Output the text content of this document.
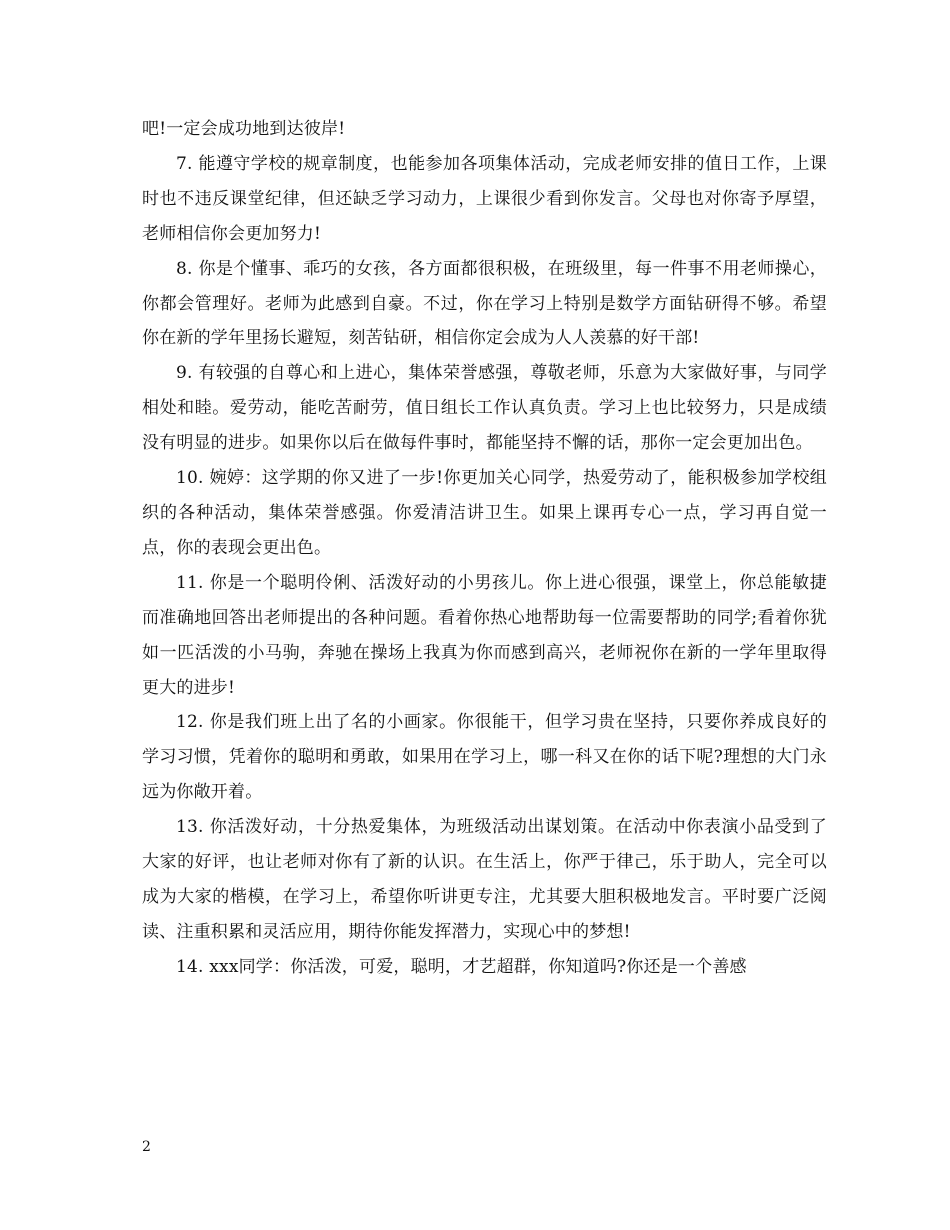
吧!一定会成功地到达彼岸!

7. 能遵守学校的规章制度，也能参加各项集体活动，完成老师安排的值日工作，上课时也不违反课堂纪律，但还缺乏学习动力，上课很少看到你发言。父母也对你寄予厚望，老师相信你会更加努力!

8. 你是个懂事、乖巧的女孩，各方面都很积极，在班级里，每一件事不用老师操心，你都会管理好。老师为此感到自豪。不过，你在学习上特别是数学方面钻研得不够。希望你在新的学年里扬长避短，刻苦钻研，相信你定会成为人人羡慕的好干部!

9. 有较强的自尊心和上进心，集体荣誉感强，尊敬老师，乐意为大家做好事，与同学相处和睦。爱劳动，能吃苦耐劳，值日组长工作认真负责。学习上也比较努力，只是成绩没有明显的进步。如果你以后在做每件事时，都能坚持不懈的话，那你一定会更加出色。

10. 婉婷：这学期的你又进了一步!你更加关心同学，热爱劳动了，能积极参加学校组织的各种活动，集体荣誉感强。你爱清洁讲卫生。如果上课再专心一点，学习再自觉一点，你的表现会更出色。

11. 你是一个聪明伶俐、活泼好动的小男孩儿。你上进心很强，课堂上，你总能敏捷而准确地回答出老师提出的各种问题。看着你热心地帮助每一位需要帮助的同学;看着你犹如一匹活泼的小马驹，奔驰在操场上我真为你而感到高兴，老师祝你在新的一学年里取得更大的进步!

12. 你是我们班上出了名的小画家。你很能干，但学习贵在坚持，只要你养成良好的学习习惯，凭着你的聪明和勇敢，如果用在学习上，哪一科又在你的话下呢?理想的大门永远为你敞开着。

13. 你活泼好动，十分热爱集体，为班级活动出谋划策。在活动中你表演小品受到了大家的好评，也让老师对你有了新的认识。在生活上，你严于律己，乐于助人，完全可以成为大家的楷模，在学习上，希望你听讲更专注，尤其要大胆积极地发言。平时要广泛阅读、注重积累和灵活应用，期待你能发挥潜力，实现心中的梦想!

14. xxx同学：你活泼，可爱，聪明，才艺超群，你知道吗?你还是一个善感

2
